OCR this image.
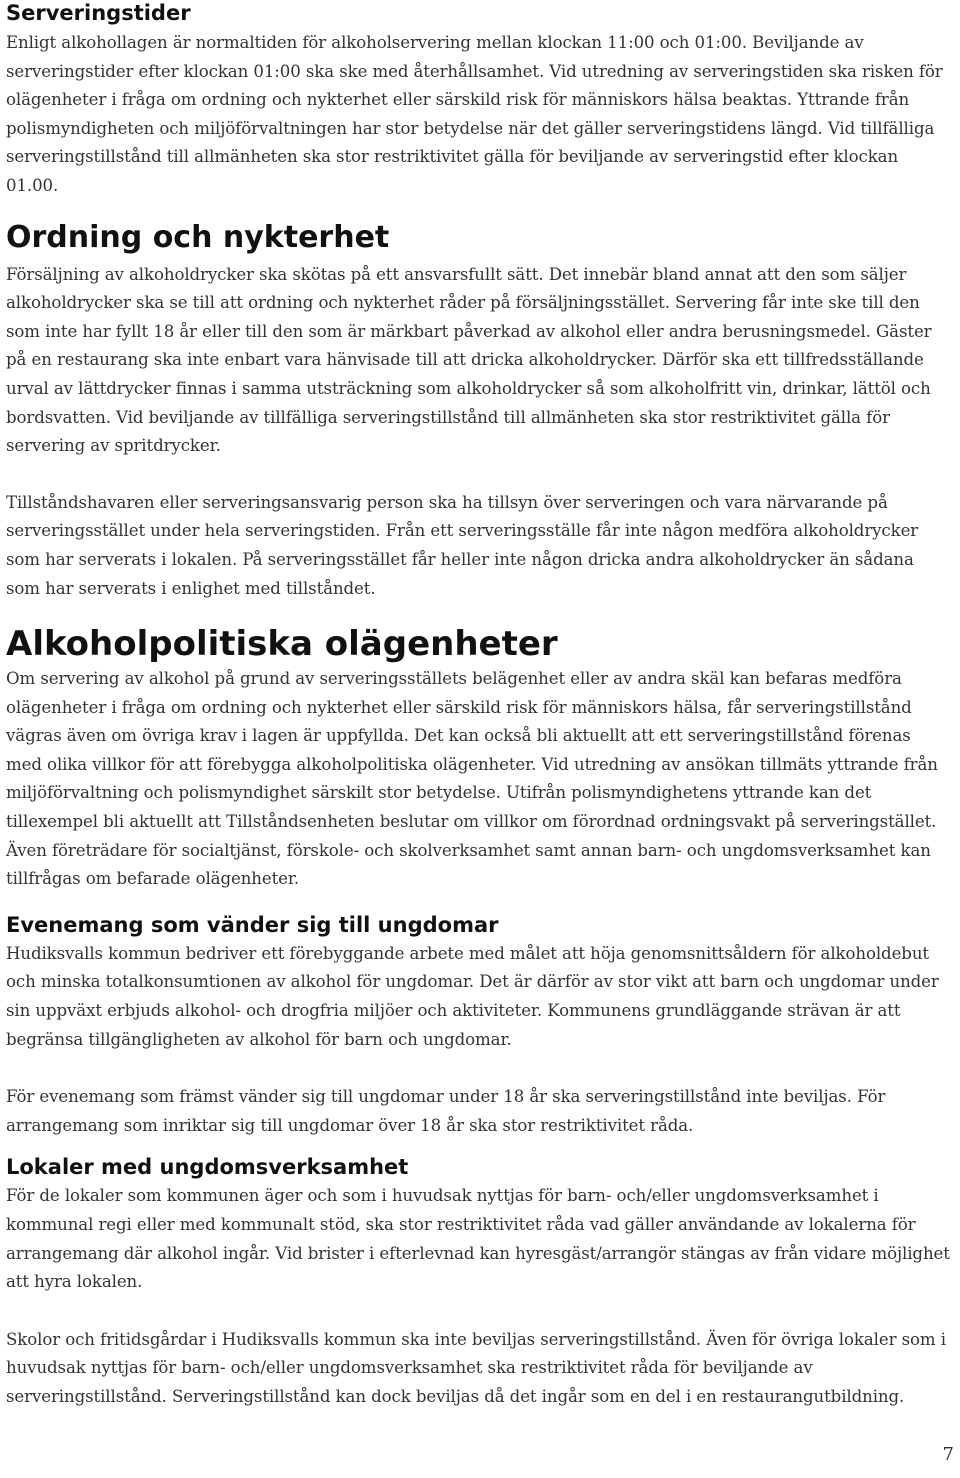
Serveringstider

Enligt alkohollagen är normaltiden för alkoholservering mellan klockan 11:00 och 01:00. Beviljande av serveringstider efter klockan 01:00 ska ske med återhållsamhet. Vid utredning av serveringstiden ska risken för olägenheter i fråga om ordning och nykterhet eller särskild risk för människors hälsa beaktas. Yttrande från polismyndigheten och miljöförvaltningen har stor betydelse när det gäller serveringstidens längd. Vid tillfälliga serveringstillstånd till allmänheten ska stor restriktivitet gälla för beviljande av serveringstid efter klockan 01.00.

Ordning och nykterhet

Försäljning av alkoholdrycker ska skötas på ett ansvarsfullt sätt. Det innebär bland annat att den som säljer alkoholdrycker ska se till att ordning och nykterhet råder på försäljningsstället. Servering får inte ske till den som inte har fyllt 18 år eller till den som är märkbart påverkad av alkohol eller andra berusningsmedel. Gäster på en restaurang ska inte enbart vara hänvisade till att dricka alkoholdrycker. Därför ska ett tillfredsställande urval av lättdrycker finnas i samma utsträckning som alkoholdrycker så som alkoholfritt vin, drinkar, lättöl och bordsvatten. Vid beviljande av tillfälliga serveringstillstånd till allmänheten ska stor restriktivitet gälla för servering av spritdrycker.

Tillståndshavaren eller serveringsansvarig person ska ha tillsyn över serveringen och vara närvarande på serveringsstället under hela serveringstiden. Från ett serveringsställe får inte någon medföra alkoholdrycker som har serverats i lokalen. På serveringsstället får heller inte någon dricka andra alkoholdrycker än sådana som har serverats i enlighet med tillståndet.

Alkoholpolitiska olägenheter

Om servering av alkohol på grund av serveringsställets belägenhet eller av andra skäl kan befaras medföra olägenheter i fråga om ordning och nykterhet eller särskild risk för människors hälsa, får serveringstillstånd vägras även om övriga krav i lagen är uppfyllda. Det kan också bli aktuellt att ett serveringstillstånd förenas med olika villkor för att förebygga alkoholpolitiska olägenheter. Vid utredning av ansökan tillmäts yttrande från miljöförvaltning och polismyndighet särskilt stor betydelse. Utifrån polismyndighetens yttrande kan det tillexempel bli aktuellt att Tillståndsenheten beslutar om villkor om förordnad ordningsvakt på serveringstället. Även företrädare för socialtjänst, förskole- och skolverksamhet samt annan barn- och ungdomsverksamhet kan tillfrågas om befarade olägenheter.

Evenemang som vänder sig till ungdomar

Hudiksvalls kommun bedriver ett förebyggande arbete med målet att höja genomsnittsåldern för alkoholdebut och minska totalkonsumtionen av alkohol för ungdomar. Det är därför av stor vikt att barn och ungdomar under sin uppväxt erbjuds alkohol- och drogfria miljöer och aktiviteter. Kommunens grundläggande strävan är att begränsa tillgängligheten av alkohol för barn och ungdomar.

För evenemang som främst vänder sig till ungdomar under 18 år ska serveringstillstånd inte beviljas. För arrangemang som inriktar sig till ungdomar över 18 år ska stor restriktivitet råda.

Lokaler med ungdomsverksamhet

För de lokaler som kommunen äger och som i huvudsak nyttjas för barn- och/eller ungdomsverksamhet i kommunal regi eller med kommunalt stöd, ska stor restriktivitet råda vad gäller användande av lokalerna för arrangemang där alkohol ingår. Vid brister i efterlevnad kan hyresgäst/arrangör stängas av från vidare möjlighet att hyra lokalen.

Skolor och fritidsgårdar i Hudiksvalls kommun ska inte beviljas serveringstillstånd. Även för övriga lokaler som i huvudsak nyttjas för barn- och/eller ungdomsverksamhet ska restriktivitet råda för beviljande av serveringstillstånd. Serveringstillstånd kan dock beviljas då det ingår som en del i en restaurangutbildning.

7
